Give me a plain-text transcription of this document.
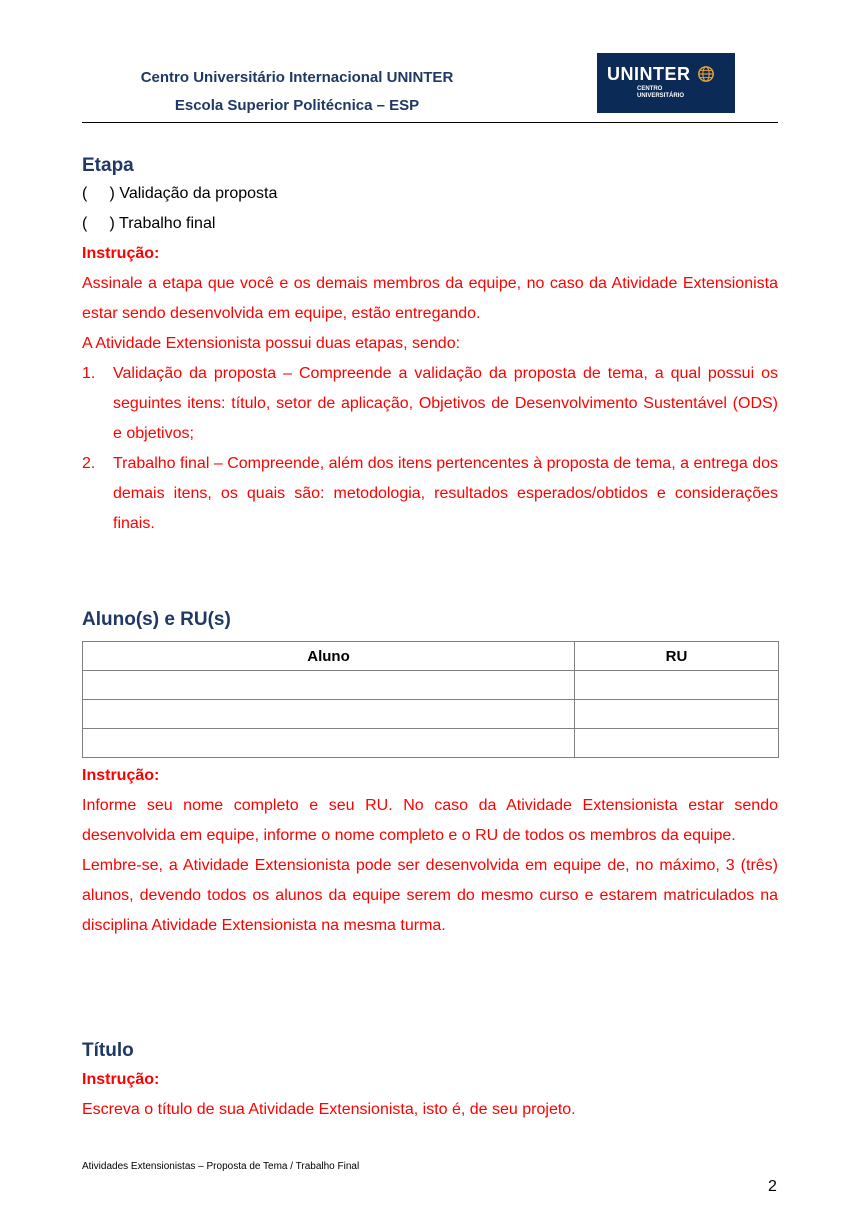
Centro Universitário Internacional UNINTER
Escola Superior Politécnica – ESP
UNINTER
CENTRO
UNIVERSITÁRIO
Etapa
(     ) Validação da proposta
(     ) Trabalho final
Instrução:
Assinale a etapa que você e os demais membros da equipe, no caso da Atividade Extensionista estar sendo desenvolvida em equipe, estão entregando.
A Atividade Extensionista possui duas etapas, sendo:
1. Validação da proposta – Compreende a validação da proposta de tema, a qual possui os seguintes itens: título, setor de aplicação, Objetivos de Desenvolvimento Sustentável (ODS) e objetivos;
2. Trabalho final – Compreende, além dos itens pertencentes à proposta de tema, a entrega dos demais itens, os quais são: metodologia, resultados esperados/obtidos e considerações finais.
Aluno(s) e RU(s)
Aluno	RU

Instrução:
Informe seu nome completo e seu RU. No caso da Atividade Extensionista estar sendo desenvolvida em equipe, informe o nome completo e o RU de todos os membros da equipe.
Lembre-se, a Atividade Extensionista pode ser desenvolvida em equipe de, no máximo, 3 (três) alunos, devendo todos os alunos da equipe serem do mesmo curso e estarem matriculados na disciplina Atividade Extensionista na mesma turma.
Título
Instrução:
Escreva o título de sua Atividade Extensionista, isto é, de seu projeto.
Atividades Extensionistas – Proposta de Tema / Trabalho Final
2
